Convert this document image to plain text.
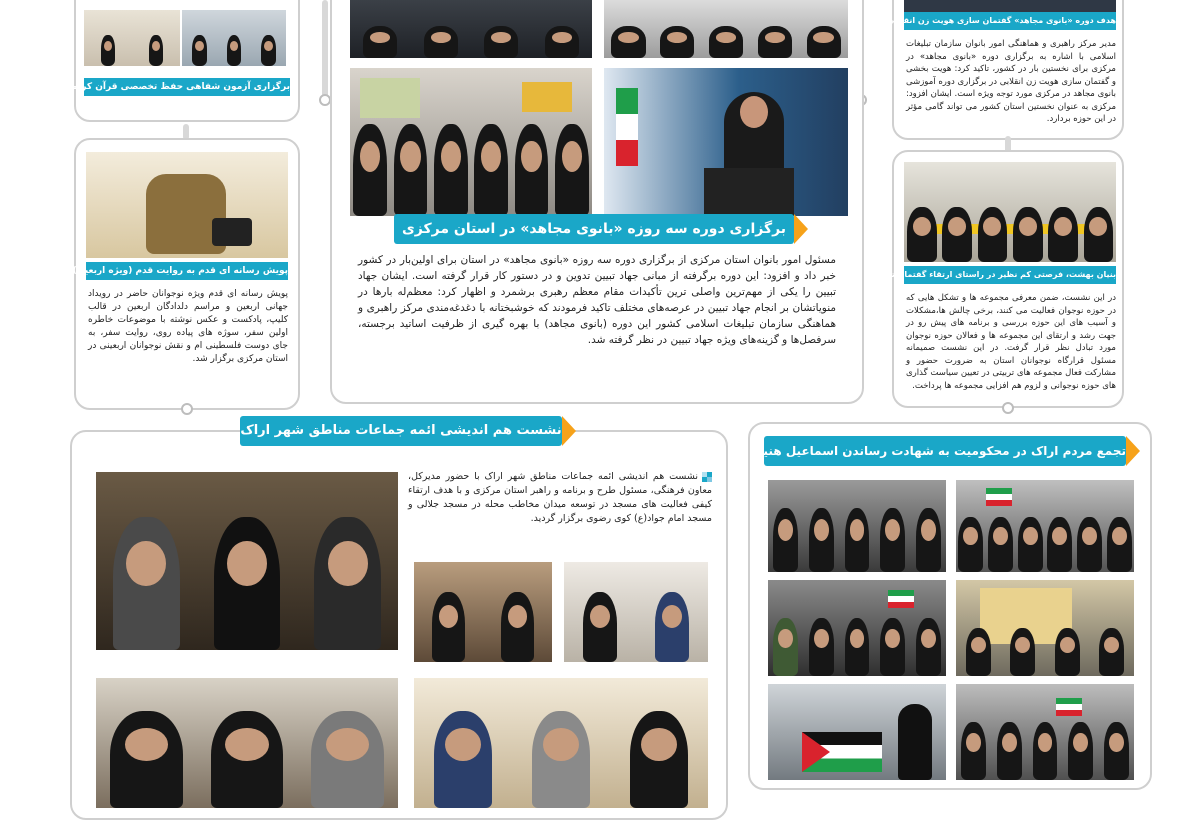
برگزاری آزمون شفاهی حفظ تخصصی قرآن کریم
پویش رسانه ای قدم به روایت قدم (ویژه اربعین)
پویش رسانه ای قدم ویژه نوجوانان حاضر در رویداد جهانی اربعین و مراسم دلدادگان اربعین در قالب کلیپ، پادکست و عکس نوشته با موضوعات خاطره اولین سفر، سوژه های پیاده روی، روایت سفر، به جای دوست فلسطینی ام و نقش نوجوانان اربعینی در استان مرکزی برگزار شد.
برگزاری دوره سه روزه «بانوی مجاهد» در استان مرکزی
مسئول امور بانوان استان مرکزی از برگزاری دوره سه روزه «بانوی مجاهد» در استان برای اولین‌بار در کشور خبر داد و افزود: این دوره برگرفته از مبانی جهاد تبیین تدوین و در دستور کار قرار گرفته است. ایشان جهاد تبیین را یکی از مهم‌ترین واصلی ترین تأکیدات مقام معظم رهبری برشمرد و اظهار کرد: معظم‌له بارها در منویاتشان بر انجام جهاد تبیین در عرصه‌های مختلف تاکید فرمودند که خوشبختانه با دغدغه‌مندی مرکز راهبری و هماهنگی سازمان تبلیغات اسلامی کشور این دوره (بانوی مجاهد) با بهره گیری از ظرفیت اساتید برجسته، سرفصل‌ها و گزینه‌های ویژه جهاد تبیین در نظر گرفته شد.
هدف دوره «بانوی مجاهد» گفتمان سازی هویت زن انقلابی است
مدیر مرکز راهبری و هماهنگی امور بانوان سازمان تبلیغات اسلامی با اشاره به برگزاری دوره «بانوی مجاهد» در مرکزی برای نخستین بار در کشور، تاکید کرد: هویت بخشی و گفتمان سازی هویت زن انقلابی در برگزاری دوره آموزشی بانوی مجاهد در مرکزی مورد توجه ویژه است. ایشان افزود: مرکزی به عنوان نخستین استان کشور می تواند گامی مؤثر در این حوزه بردارد.
بنیان بهشت، فرصتی کم نظیر در راستای ارتقاء گفتمان تربیتی
در این نشست، ضمن معرفی مجموعه ها و تشکل هایی که در حوزه نوجوان فعالیت می کنند، برخی چالش ها،مشکلات و آسیب های این حوزه بررسی و برنامه های پیش رو در جهت رشد و ارتقای این مجموعه ها و فعالان حوزه نوجوان مورد تبادل نظر قرار گرفت. در این نشست صمیمانه مسئول قرارگاه نوجوانان استان به ضرورت حضور و مشارکت فعال مجموعه های تربیتی در تعیین سیاست گذاری های حوزه نوجوانی و لزوم هم افزایی مجموعه ها پرداخت.
نشست هم اندیشی ائمه جماعات مناطق شهر اراک
نشست هم اندیشی ائمه جماعات مناطق شهر اراک با حضور مدیرکل، معاون فرهنگی، مسئول طرح و برنامه و راهبر استان مرکزی و با هدف ارتقاء کیفی فعالیت های مسجد در توسعه میدان مخاطب محله در مسجد جلالی و مسجد امام جواد(ع) کوی رضوی برگزار گردید.
تجمع مردم اراک در محکومیت به شهادت رساندن اسماعیل هنیه
